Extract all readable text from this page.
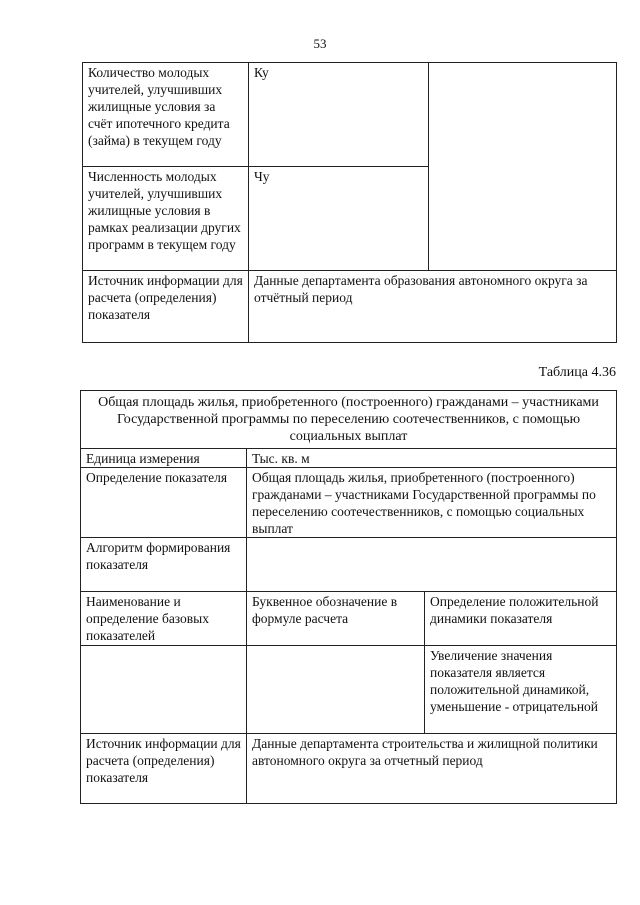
53
Количество молодых учителей, улучшивших жилищные условия за счёт ипотечного кредита (займа) в текущем году	Ку	
Численность молодых учителей, улучшивших жилищные условия в рамках реализации других программ в текущем году	Чу	
Источник информации для расчета (определения) показателя	Данные департамента образования автономного округа за отчётный период	
Таблица 4.36
Общая площадь жилья, приобретенного (построенного) гражданами – участниками Государственной программы по переселению соотечественников, с помощью социальных выплат		
Единица измерения	Тыс. кв. м	
Определение показателя	Общая площадь жилья, приобретенного (построенного) гражданами – участниками Государственной программы по переселению соотечественников, с помощью социальных выплат	
Алгоритм формирования показателя		
Наименование и определение базовых показателей	Буквенное обозначение в формуле расчета	Определение положительной динамики показателя
		Увеличение значения показателя является положительной динамикой, уменьшение - отрицательной
Источник информации для расчета (определения) показателя	Данные департамента строительства и жилищной политики автономного округа за отчетный период	
